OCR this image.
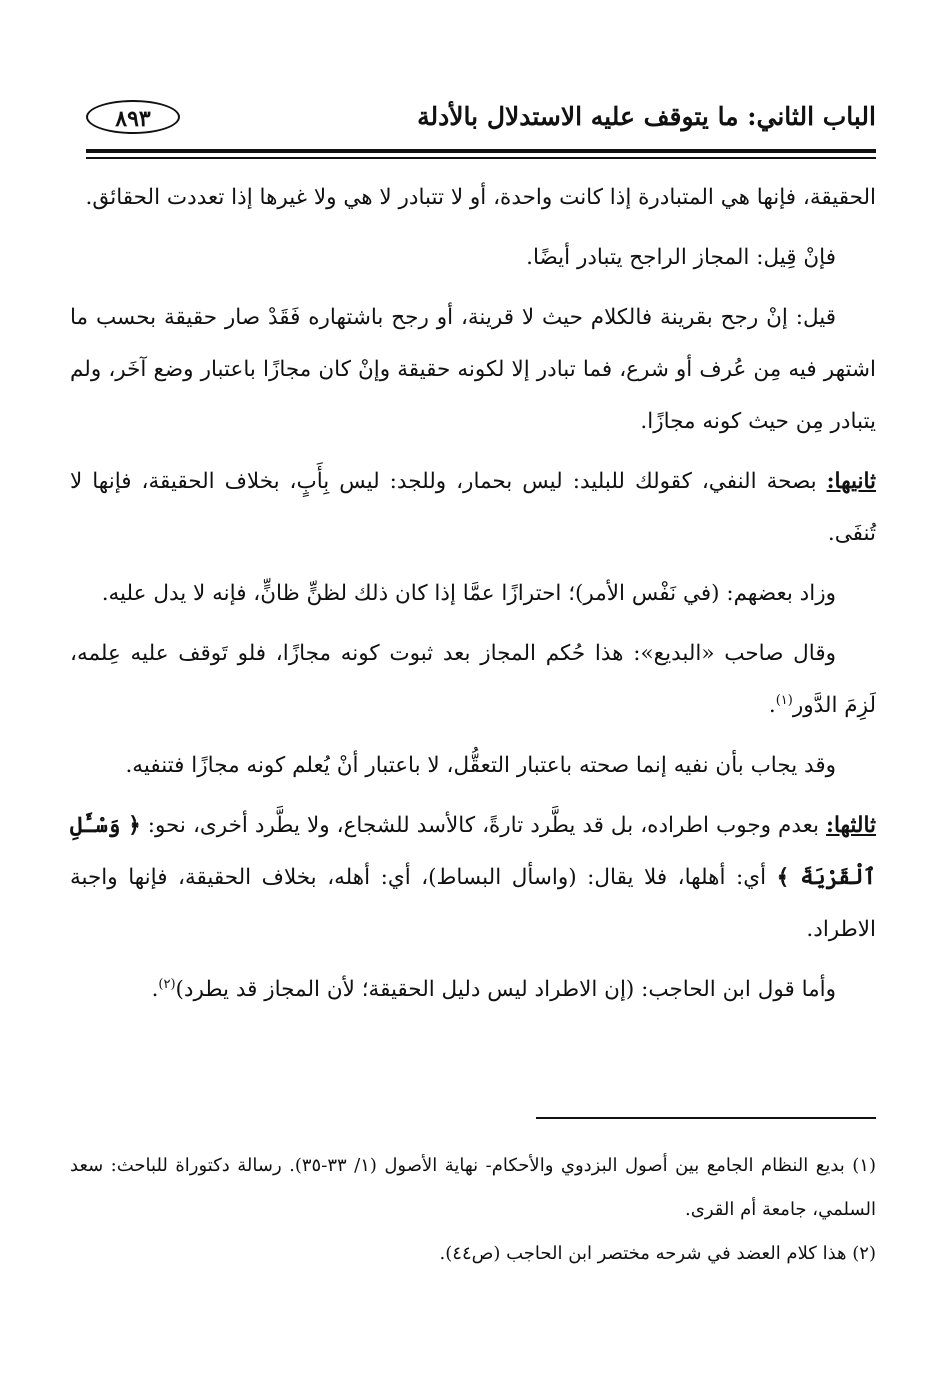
الباب الثاني: ما يتوقف عليه الاستدلال بالأدلة
٨٩٣

الحقيقة، فإنها هي المتبادرة إذا كانت واحدة، أو لا تتبادر لا هي ولا غيرها إذا تعددت الحقائق.

فإنْ قِيل: المجاز الراجح يتبادر أيضًا.

قيل: إنْ رجح بقرينة فالكلام حيث لا قرينة، أو رجح باشتهاره فَقَدْ صار حقيقة بحسب ما اشتهر فيه مِن عُرف أو شرع، فما تبادر إلا لكونه حقيقة وإنْ كان مجازًا باعتبار وضع آخَر، ولم يتبادر مِن حيث كونه مجازًا.

ثانيها: بصحة النفي، كقولك للبليد: ليس بحمار، وللجد: ليس بِأَبٍ، بخلاف الحقيقة، فإنها لا تُنفَى.

وزاد بعضهم: (في نَفْس الأمر)؛ احترازًا عمَّا إذا كان ذلك لظنٍّ ظانٍّ، فإنه لا يدل عليه.

وقال صاحب «البديع»: هذا حُكم المجاز بعد ثبوت كونه مجازًا، فلو تَوقف عليه عِلمه، لَزِمَ الدَّور$^{(١)}$.

وقد يجاب بأن نفيه إنما صحته باعتبار التعقُّل، لا باعتبار أنْ يُعلم كونه مجازًا فتنفيه.

ثالثها: بعدم وجوب اطراده، بل قد يطَّرد تارةً، كالأسد للشجاع، ولا يطَّرد أخرى، نحو: ﴿ وَسْـَٔلِ ٱلْقَرْيَةَ ﴾ أي: أهلها، فلا يقال: (واسأل البساط)، أي: أهله، بخلاف الحقيقة، فإنها واجبة الاطراد.

وأما قول ابن الحاجب: (إن الاطراد ليس دليل الحقيقة؛ لأن المجاز قد يطرد)$^{(٢)}$.

(١) بديع النظام الجامع بين أصول البزدوي والأحكام- نهاية الأصول (١/ ٣٣-٣٥). رسالة دكتوراة للباحث: سعد السلمي، جامعة أم القرى.

(٢) هذا كلام العضد في شرحه مختصر ابن الحاجب (ص٤٤).
